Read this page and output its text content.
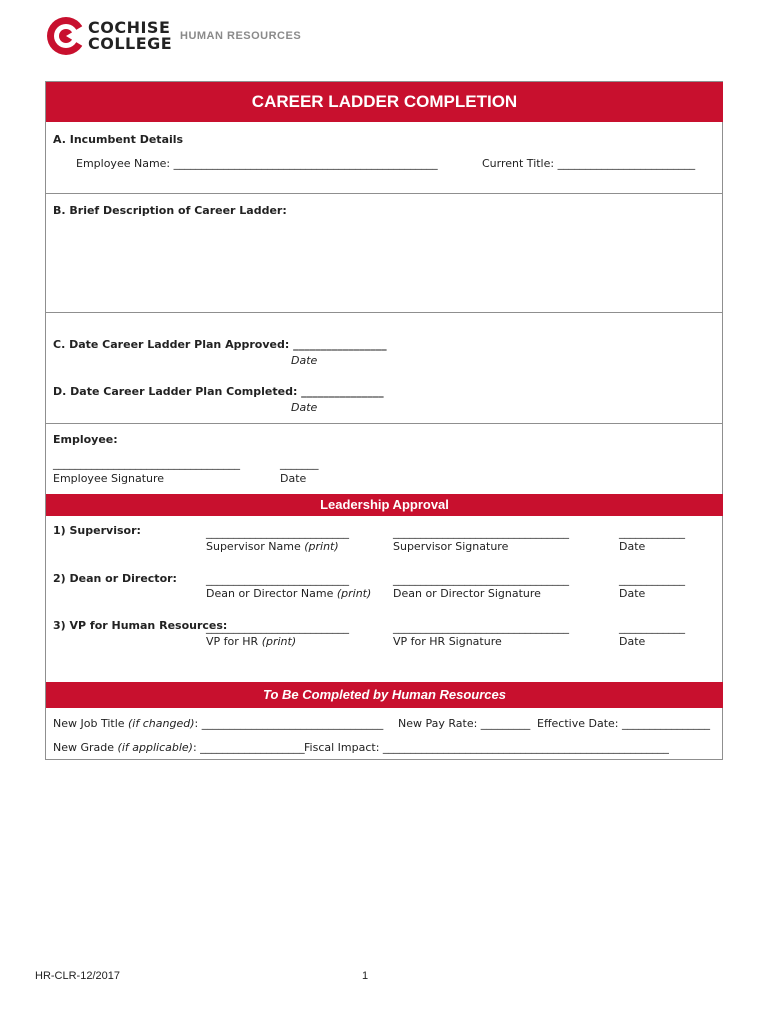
COCHISE
COLLEGE HUMAN RESOURCES
CAREER LADDER COMPLETION
A. Incumbent Details
Employee Name: ________________________________________________	Current Title: _________________________
B. Brief Description of Career Ladder:
C. Date Career Ladder Plan Approved: _________________
Date
D. Date Career Ladder Plan Completed: _______________
Date
Employee:
__________________________________	_______
Employee Signature	Date
Leadership Approval
1) Supervisor:	__________________________	________________________________	____________
Supervisor Name (print)	Supervisor Signature	Date
2) Dean or Director:	__________________________	________________________________	____________
Dean or Director Name (print) Dean or Director Signature	Date
3) VP for Human Resources:
__________________________	________________________________	____________
VP for HR (print)	VP for HR Signature	Date
To Be Completed by Human Resources
New Job Title (if changed): _________________________________ New Pay Rate: _________ Effective Date: ________________
New Grade (if applicable): ___________________ Fiscal Impact: ____________________________________________________
HR-CLR-12/2017	1
